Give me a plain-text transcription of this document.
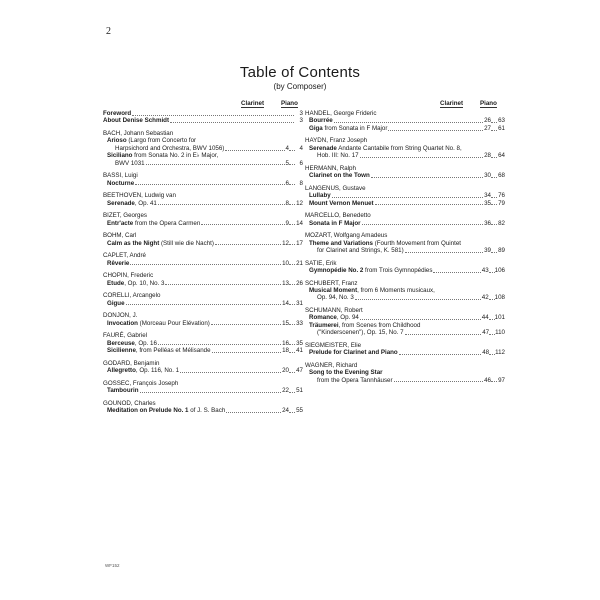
2
Table of Contents
(by Composer)
Clarinet	Piano
Foreword	3
About Denise Schmidt	3
BACH, Johann Sebastian
Arioso (Largo from Concerto for
Harpsichord and Orchestra, BWV 1056)	4	4
Siciliano from Sonata No. 2 in E♭ Major,
BWV 1031	5	6
BASSI, Luigi
Nocturne	6	8
BEETHOVEN, Ludwig van
Serenade, Op. 41	8 12
BIZET, Georges
Entr'acte from the Opera Carmen	9 14
BOHM, Carl
Calm as the Night (Still wie die Nacht)	12 17
CAPLET, André
Rêverie	10 21
CHOPIN, Frederic
Etude, Op. 10, No. 3	13 26
CORELLI, Arcangelo
Gigue	14 31
DONJON, J.
Invocation (Morceau Pour Elévation)	15 33
FAURÉ, Gabriel
Berceuse, Op. 16	16 35
Sicilienne, from Pelléas et Mélisande	18 41
GODARD, Benjamin
Allegretto, Op. 116, No. 1	20 47
GOSSEC, François Joseph
Tambourin	22 51
GOUNOD, Charles
Meditation on Prelude No. 1 of J. S. Bach	24 55
Clarinet	Piano
HANDEL, George Frideric
Bourrée	26 63
Giga from Sonata in F Major	27 61
HAYDN, Franz Joseph
Serenade Andante Cantabile from String Quartet No. 8,
Hob. III: No. 17	28 64
HERMANN, Ralph
Clarinet on the Town	30 68
LANGENUS, Gustave
Lullaby	34 76
Mount Vernon Menuet	35 79
MARCELLO, Benedetto
Sonata in F Major	36 82
MOZART, Wolfgang Amadeus
Theme and Variations (Fourth Movement from Quintet
for Clarinet and Strings, K. 581)	39 89
SATIE, Erik
Gymnopédie No. 2 from Trois Gymnopédies	43 106
SCHUBERT, Franz
Musical Moment, from 6 Moments musicaux,
Op. 94, No. 3	42 108
SCHUMANN, Robert
Romance, Op. 94	44 101
Träumerei, from Scenes from Childhood
("Kinderscenen"), Op. 15, No. 7	47 110
SIEGMEISTER, Elie
Prelude for Clarinet and Piano	48 112
WAGNER, Richard
Song to the Evening Star
from the Opera Tannhäuser	46 97
WF152
